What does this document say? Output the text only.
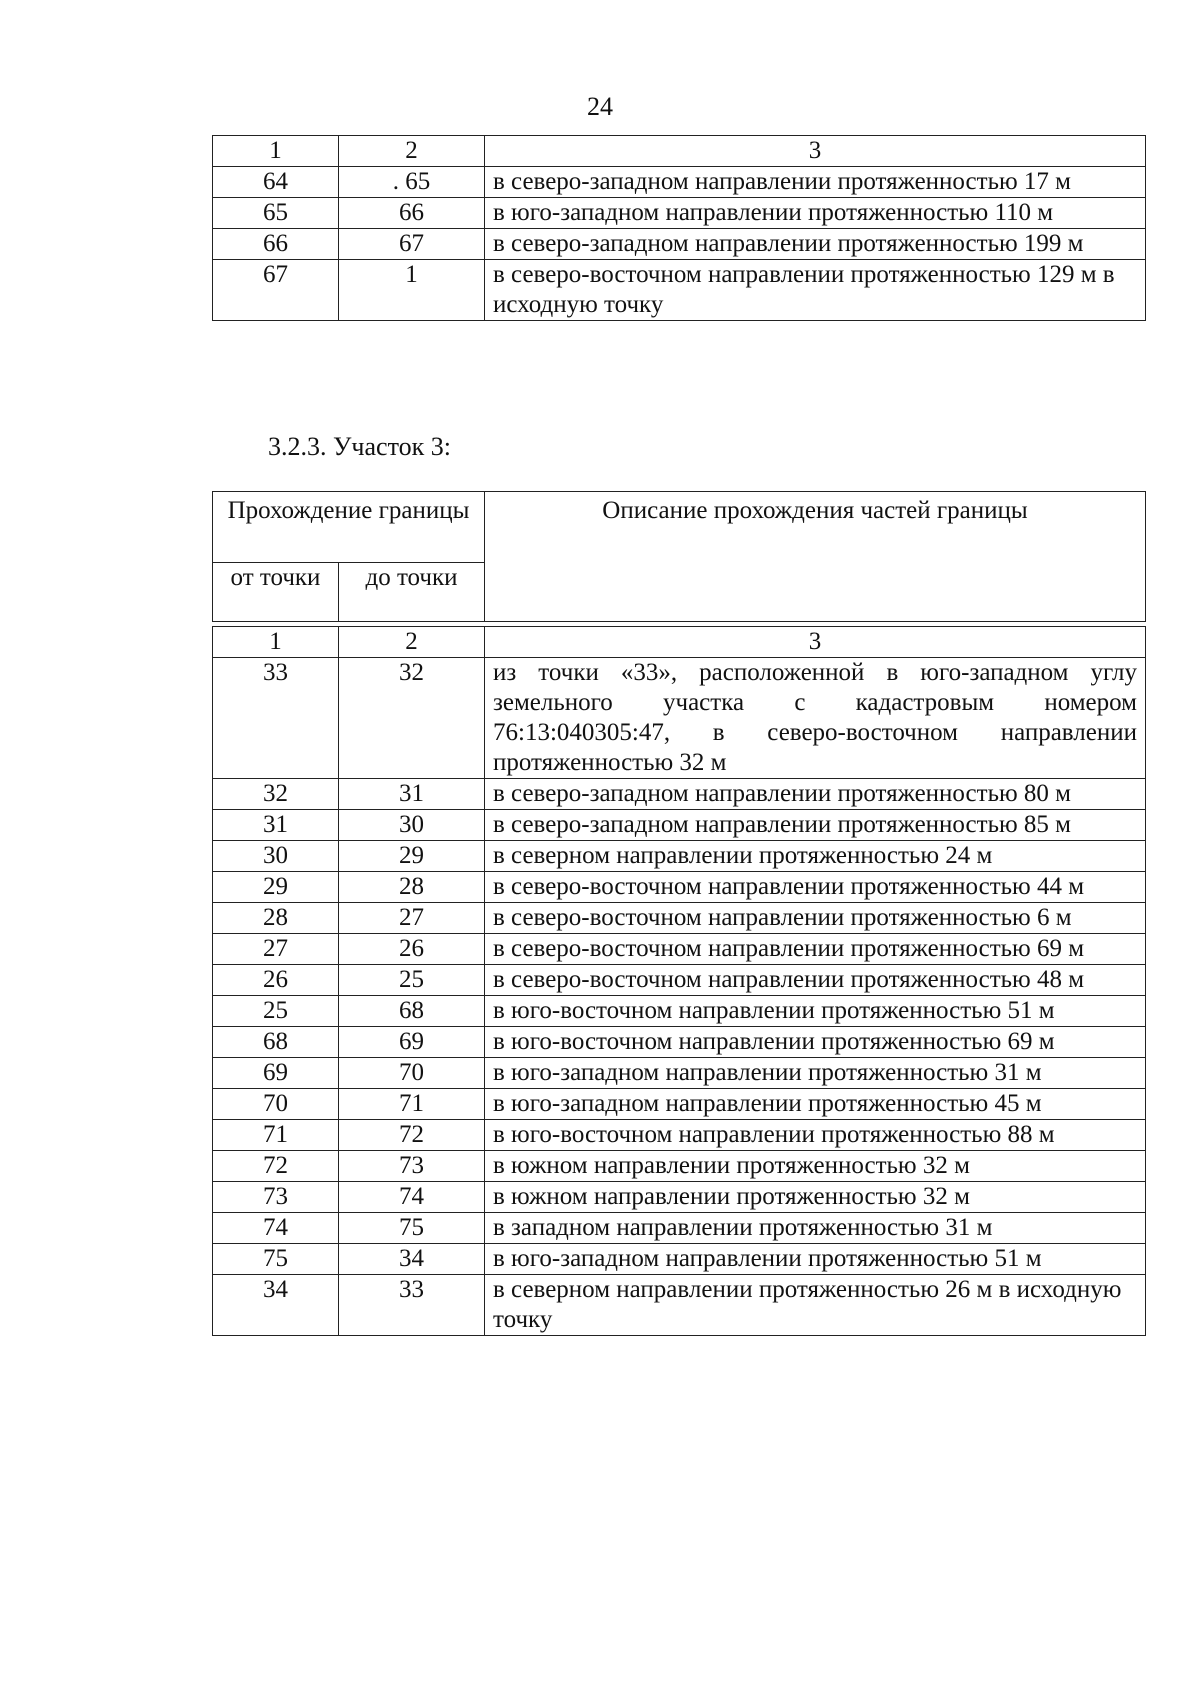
24
1	2	3
64	. 65	в северо-западном направлении протяженностью 17 м
65	66	в юго-западном направлении протяженностью 110 м
66	67	в северо-западном направлении протяженностью 199 м
67	1	в северо-восточном направлении протяженностью 129 м в исходную точку
3.2.3. Участок 3:
Прохождение границы		Описание прохождения частей границы
от точки	до точки	
1	2	3
33	32	из точки «33», расположенной в юго-западном углу земельного участка с кадастровым номером 76:13:040305:47, в северо-восточном направлении протяженностью 32 м
32	31	в северо-западном направлении протяженностью 80 м
31	30	в северо-западном направлении протяженностью 85 м
30	29	в северном направлении протяженностью 24 м
29	28	в северо-восточном направлении протяженностью 44 м
28	27	в северо-восточном направлении протяженностью 6 м
27	26	в северо-восточном направлении протяженностью 69 м
26	25	в северо-восточном направлении протяженностью 48 м
25	68	в юго-восточном направлении протяженностью 51 м
68	69	в юго-восточном направлении протяженностью 69 м
69	70	в юго-западном направлении протяженностью 31 м
70	71	в юго-западном направлении протяженностью 45 м
71	72	в юго-восточном направлении протяженностью 88 м
72	73	в южном направлении протяженностью 32 м
73	74	в южном направлении протяженностью 32 м
74	75	в западном направлении протяженностью 31 м
75	34	в юго-западном направлении протяженностью 51 м
34	33	в северном направлении протяженностью 26 м в исходную точку
